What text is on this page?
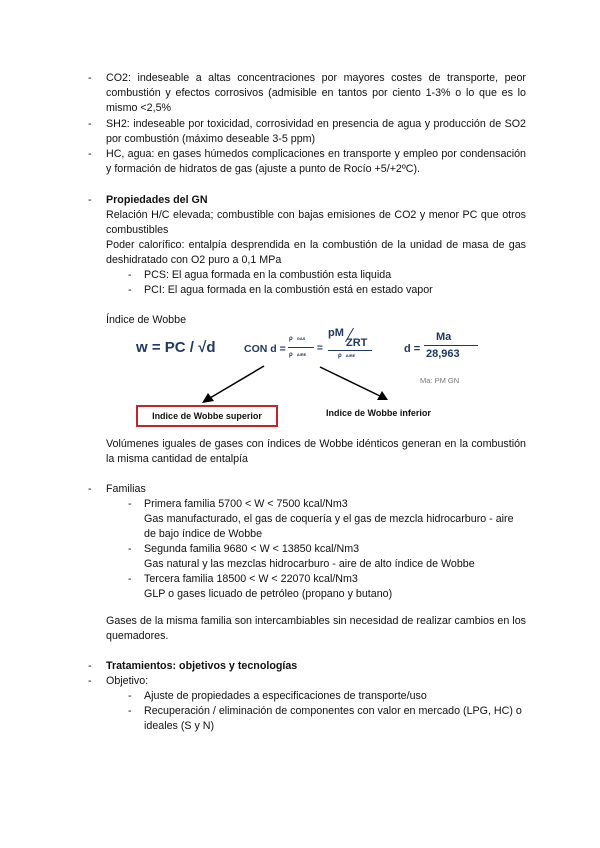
- CO2: indeseable a altas concentraciones por mayores costes de transporte, peor combustión y efectos corrosivos (admisible en tantos por ciento 1-3% o lo que es lo mismo <2,5%
- SH2: indeseable por toxicidad, corrosividad en presencia de agua y producción de SO2 por combustión (máximo deseable 3-5 ppm)
- HC, agua: en gases húmedos complicaciones en transporte y empleo por condensación y formación de hidratos de gas (ajuste a punto de Rocío +5/+2ºC).
- Propiedades del GN
Relación H/C elevada; combustible con bajas emisiones de CO2 y menor PC que otros combustibles
Poder calorífico: entalpía desprendida en la combustión de la unidad de masa de gas deshidratado con O2 puro a 0,1 MPa
- PCS: El agua formada en la combustión esta liquida
- PCI: El agua formada en la combustión está en estado vapor
Índice de Wobbe
w = PC / √d	CON d =
ρ GAS
ρ AIRE
=
pM
ZRT
ρ AIRE
d =
Ma
28,963
Ma: PM GN
Indice de Wobbe superior	Indice de Wobbe inferior
Volúmenes iguales de gases con índices de Wobbe idénticos generan en la combustión la misma cantidad de entalpía
- Familias
- Primera familia 5700 < W < 7500 kcal/Nm3
Gas manufacturado, el gas de coquería y el gas de mezcla hidrocarburo - aire de bajo índice de Wobbe
- Segunda familia 9680 < W < 13850 kcal/Nm3
Gas natural y las mezclas hidrocarburo - aire de alto índice de Wobbe
- Tercera familia 18500 < W < 22070 kcal/Nm3
GLP o gases licuado de petróleo (propano y butano)
Gases de la misma familia son intercambiables sin necesidad de realizar cambios en los quemadores.
- Tratamientos: objetivos y tecnologías
- Objetivo:
- Ajuste de propiedades a especificaciones de transporte/uso
- Recuperación / eliminación de componentes con valor en mercado (LPG, HC) o ideales (S y N)
